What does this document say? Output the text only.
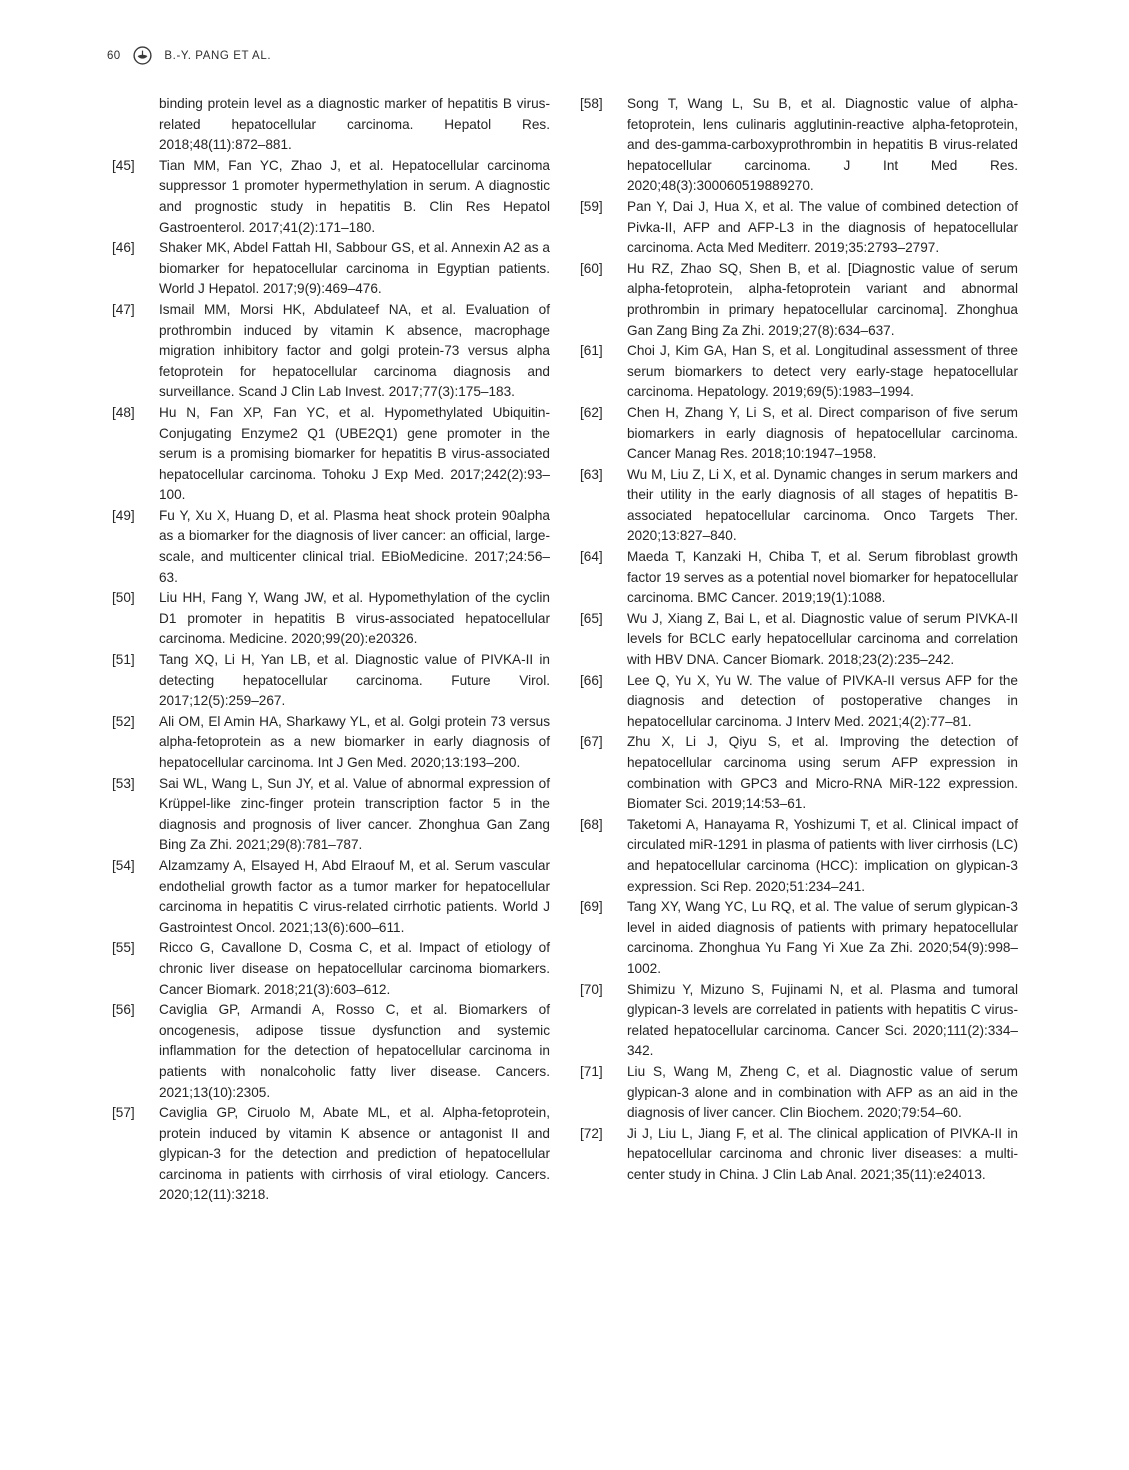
60	B.-Y. PANG ET AL.
binding protein level as a diagnostic marker of hepatitis B virus-related hepatocellular carcinoma. Hepatol Res. 2018;48(11):872–881.
[45]	Tian MM, Fan YC, Zhao J, et al. Hepatocellular carcinoma suppressor 1 promoter hypermethylation in serum. A diagnostic and prognostic study in hepatitis B. Clin Res Hepatol Gastroenterol. 2017;41(2):171–180.
[46]	Shaker MK, Abdel Fattah HI, Sabbour GS, et al. Annexin A2 as a biomarker for hepatocellular carcinoma in Egyptian patients. World J Hepatol. 2017;9(9):469–476.
[47]	Ismail MM, Morsi HK, Abdulateef NA, et al. Evaluation of prothrombin induced by vitamin K absence, macrophage migration inhibitory factor and golgi protein-73 versus alpha fetoprotein for hepatocellular carcinoma diagnosis and surveillance. Scand J Clin Lab Invest. 2017;77(3):175–183.
[48]	Hu N, Fan XP, Fan YC, et al. Hypomethylated Ubiquitin-Conjugating Enzyme2 Q1 (UBE2Q1) gene promoter in the serum is a promising biomarker for hepatitis B virus-associated hepatocellular carcinoma. Tohoku J Exp Med. 2017;242(2):93–100.
[49]	Fu Y, Xu X, Huang D, et al. Plasma heat shock protein 90alpha as a biomarker for the diagnosis of liver cancer: an official, large-scale, and multicenter clinical trial. EBioMedicine. 2017;24:56–63.
[50]	Liu HH, Fang Y, Wang JW, et al. Hypomethylation of the cyclin D1 promoter in hepatitis B virus-associated hepatocellular carcinoma. Medicine. 2020;99(20):e20326.
[51]	Tang XQ, Li H, Yan LB, et al. Diagnostic value of PIVKA-II in detecting hepatocellular carcinoma. Future Virol. 2017;12(5):259–267.
[52]	Ali OM, El Amin HA, Sharkawy YL, et al. Golgi protein 73 versus alpha-fetoprotein as a new biomarker in early diagnosis of hepatocellular carcinoma. Int J Gen Med. 2020;13:193–200.
[53]	Sai WL, Wang L, Sun JY, et al. Value of abnormal expression of Krüppel-like zinc-finger protein transcription factor 5 in the diagnosis and prognosis of liver cancer. Zhonghua Gan Zang Bing Za Zhi. 2021;29(8):781–787.
[54]	Alzamzamy A, Elsayed H, Abd Elraouf M, et al. Serum vascular endothelial growth factor as a tumor marker for hepatocellular carcinoma in hepatitis C virus-related cirrhotic patients. World J Gastrointest Oncol. 2021;13(6):600–611.
[55]	Ricco G, Cavallone D, Cosma C, et al. Impact of etiology of chronic liver disease on hepatocellular carcinoma biomarkers. Cancer Biomark. 2018;21(3):603–612.
[56]	Caviglia GP, Armandi A, Rosso C, et al. Biomarkers of oncogenesis, adipose tissue dysfunction and systemic inflammation for the detection of hepatocellular carcinoma in patients with nonalcoholic fatty liver disease. Cancers. 2021;13(10):2305.
[57]	Caviglia GP, Ciruolo M, Abate ML, et al. Alpha-fetoprotein, protein induced by vitamin K absence or antagonist II and glypican-3 for the detection and prediction of hepatocellular carcinoma in patients with cirrhosis of viral etiology. Cancers. 2020;12(11):3218.
[58]	Song T, Wang L, Su B, et al. Diagnostic value of alpha-fetoprotein, lens culinaris agglutinin-reactive alpha-fetoprotein, and des-gamma-carboxyprothrombin in hepatitis B virus-related hepatocellular carcinoma. J Int Med Res. 2020;48(3):300060519889270.
[59]	Pan Y, Dai J, Hua X, et al. The value of combined detection of Pivka-II, AFP and AFP-L3 in the diagnosis of hepatocellular carcinoma. Acta Med Mediterr. 2019;35:2793–2797.
[60]	Hu RZ, Zhao SQ, Shen B, et al. [Diagnostic value of serum alpha-fetoprotein, alpha-fetoprotein variant and abnormal prothrombin in primary hepatocellular carcinoma]. Zhonghua Gan Zang Bing Za Zhi. 2019;27(8):634–637.
[61]	Choi J, Kim GA, Han S, et al. Longitudinal assessment of three serum biomarkers to detect very early-stage hepatocellular carcinoma. Hepatology. 2019;69(5):1983–1994.
[62]	Chen H, Zhang Y, Li S, et al. Direct comparison of five serum biomarkers in early diagnosis of hepatocellular carcinoma. Cancer Manag Res. 2018;10:1947–1958.
[63]	Wu M, Liu Z, Li X, et al. Dynamic changes in serum markers and their utility in the early diagnosis of all stages of hepatitis B-associated hepatocellular carcinoma. Onco Targets Ther. 2020;13:827–840.
[64]	Maeda T, Kanzaki H, Chiba T, et al. Serum fibroblast growth factor 19 serves as a potential novel biomarker for hepatocellular carcinoma. BMC Cancer. 2019;19(1):1088.
[65]	Wu J, Xiang Z, Bai L, et al. Diagnostic value of serum PIVKA-II levels for BCLC early hepatocellular carcinoma and correlation with HBV DNA. Cancer Biomark. 2018;23(2):235–242.
[66]	Lee Q, Yu X, Yu W. The value of PIVKA-II versus AFP for the diagnosis and detection of postoperative changes in hepatocellular carcinoma. J Interv Med. 2021;4(2):77–81.
[67]	Zhu X, Li J, Qiyu S, et al. Improving the detection of hepatocellular carcinoma using serum AFP expression in combination with GPC3 and Micro-RNA MiR-122 expression. Biomater Sci. 2019;14:53–61.
[68]	Taketomi A, Hanayama R, Yoshizumi T, et al. Clinical impact of circulated miR-1291 in plasma of patients with liver cirrhosis (LC) and hepatocellular carcinoma (HCC): implication on glypican-3 expression. Sci Rep. 2020;51:234–241.
[69]	Tang XY, Wang YC, Lu RQ, et al. The value of serum glypican-3 level in aided diagnosis of patients with primary hepatocellular carcinoma. Zhonghua Yu Fang Yi Xue Za Zhi. 2020;54(9):998–1002.
[70]	Shimizu Y, Mizuno S, Fujinami N, et al. Plasma and tumoral glypican-3 levels are correlated in patients with hepatitis C virus-related hepatocellular carcinoma. Cancer Sci. 2020;111(2):334–342.
[71]	Liu S, Wang M, Zheng C, et al. Diagnostic value of serum glypican-3 alone and in combination with AFP as an aid in the diagnosis of liver cancer. Clin Biochem. 2020;79:54–60.
[72]	Ji J, Liu L, Jiang F, et al. The clinical application of PIVKA-II in hepatocellular carcinoma and chronic liver diseases: a multi-center study in China. J Clin Lab Anal. 2021;35(11):e24013.
